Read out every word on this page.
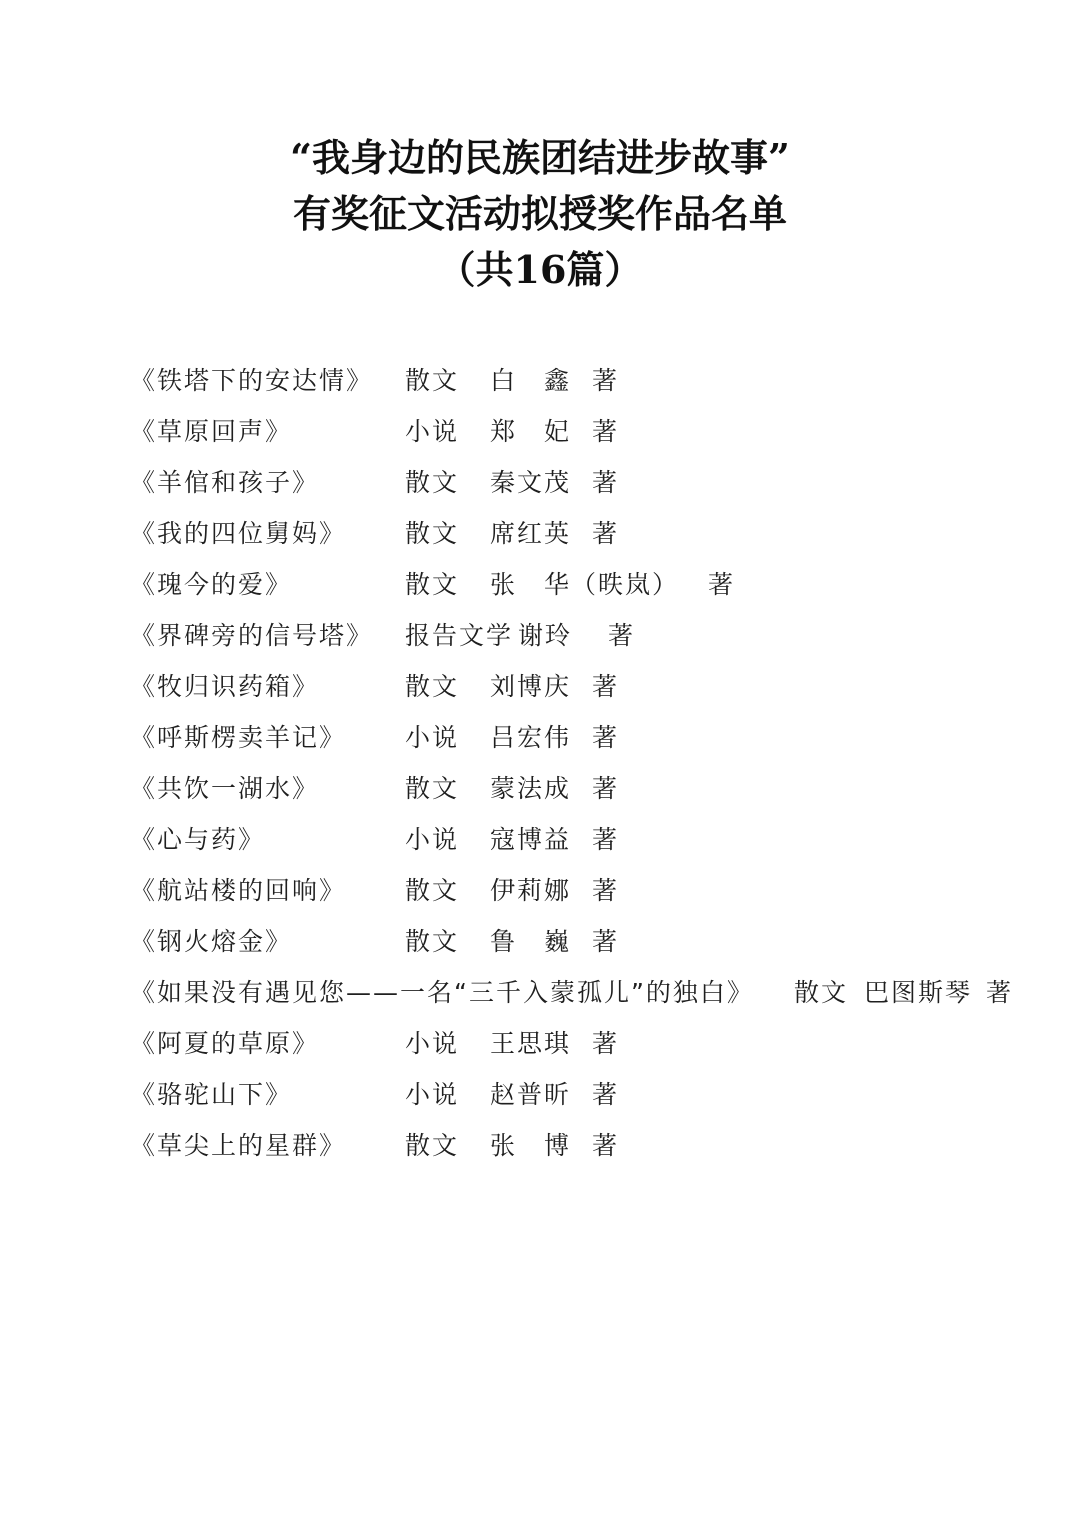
“我身边的民族团结进步故事”
有奖征文活动拟授奖作品名单
（共16篇）
《铁塔下的安达情》 散文 白　鑫 著
《草原回声》	小说 郑　妃 著
《羊倌和孩子》	散文 秦文茂 著
《我的四位舅妈》 散文 席红英 著
《瑰今的爱》	散文 张　华（昳岚） 著
《界碑旁的信号塔》 报告文学 谢玲 著
《牧归识药箱》	散文 刘博庆 著
《呼斯楞卖羊记》 小说 吕宏伟 著
《共饮一湖水》	散文 蒙法成 著
《心与药》	小说 寇博益 著
《航站楼的回响》 散文 伊莉娜 著
《钢火熔金》	散文 鲁　巍 著
《如果没有遇见您——一名“三千入蒙孤儿”的独白》 散文 巴图斯琴 著
《阿夏的草原》	小说 王思琪 著
《骆驼山下》	小说 赵普昕 著
《草尖上的星群》 散文 张　博 著
